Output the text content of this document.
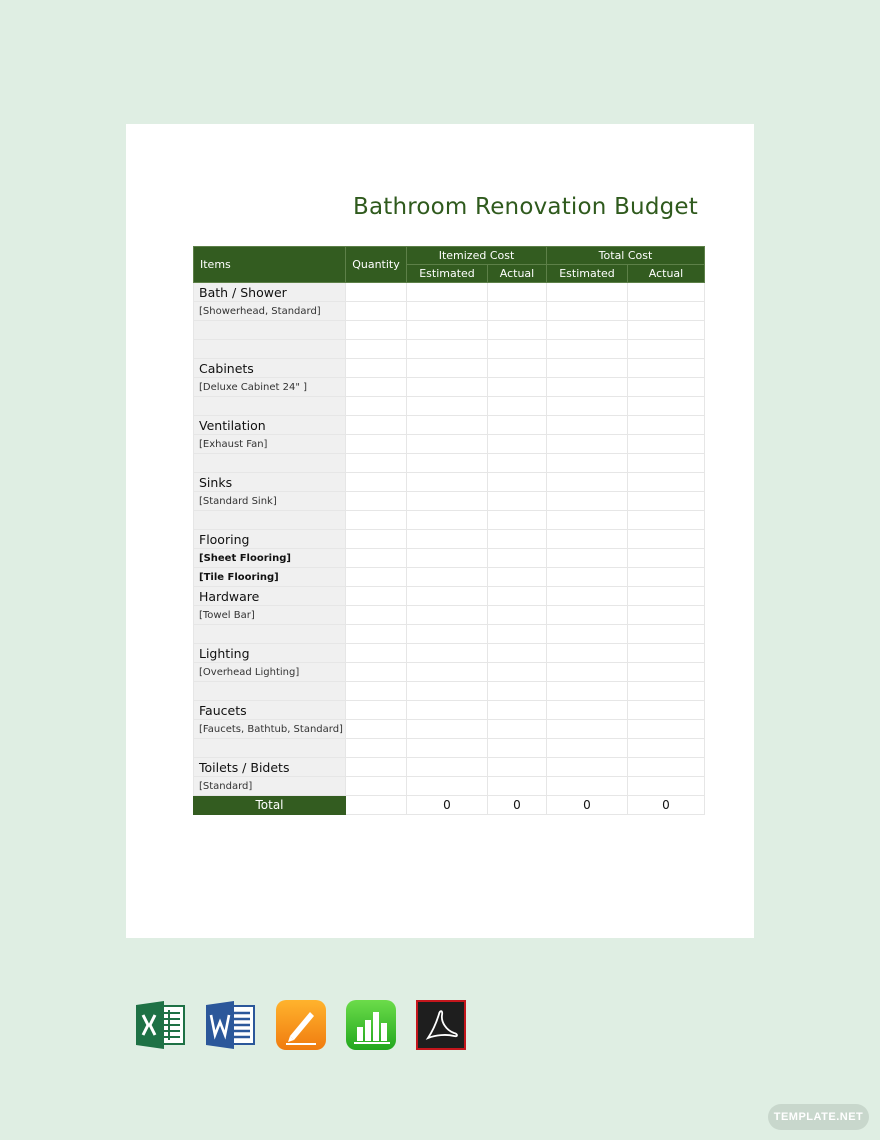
Bathroom Renovation Budget
Items	Quantity	Itemized Cost		Total Cost	
		Estimated	Actual	Estimated	Actual
Bath / Shower					
[Showerhead, Standard]					

Cabinets					
[Deluxe Cabinet 24" ]					

Ventilation					
[Exhaust Fan]					

Sinks					
[Standard Sink]					

Flooring					
[Sheet Flooring]					
[Tile Flooring]					
Hardware					
[Towel Bar]					

Lighting					
[Overhead Lighting]					

Faucets					
[Faucets, Bathtub, Standard]					

Toilets / Bidets					
[Standard]					
Total		0	0	0	0
TEMPLATE.NET
